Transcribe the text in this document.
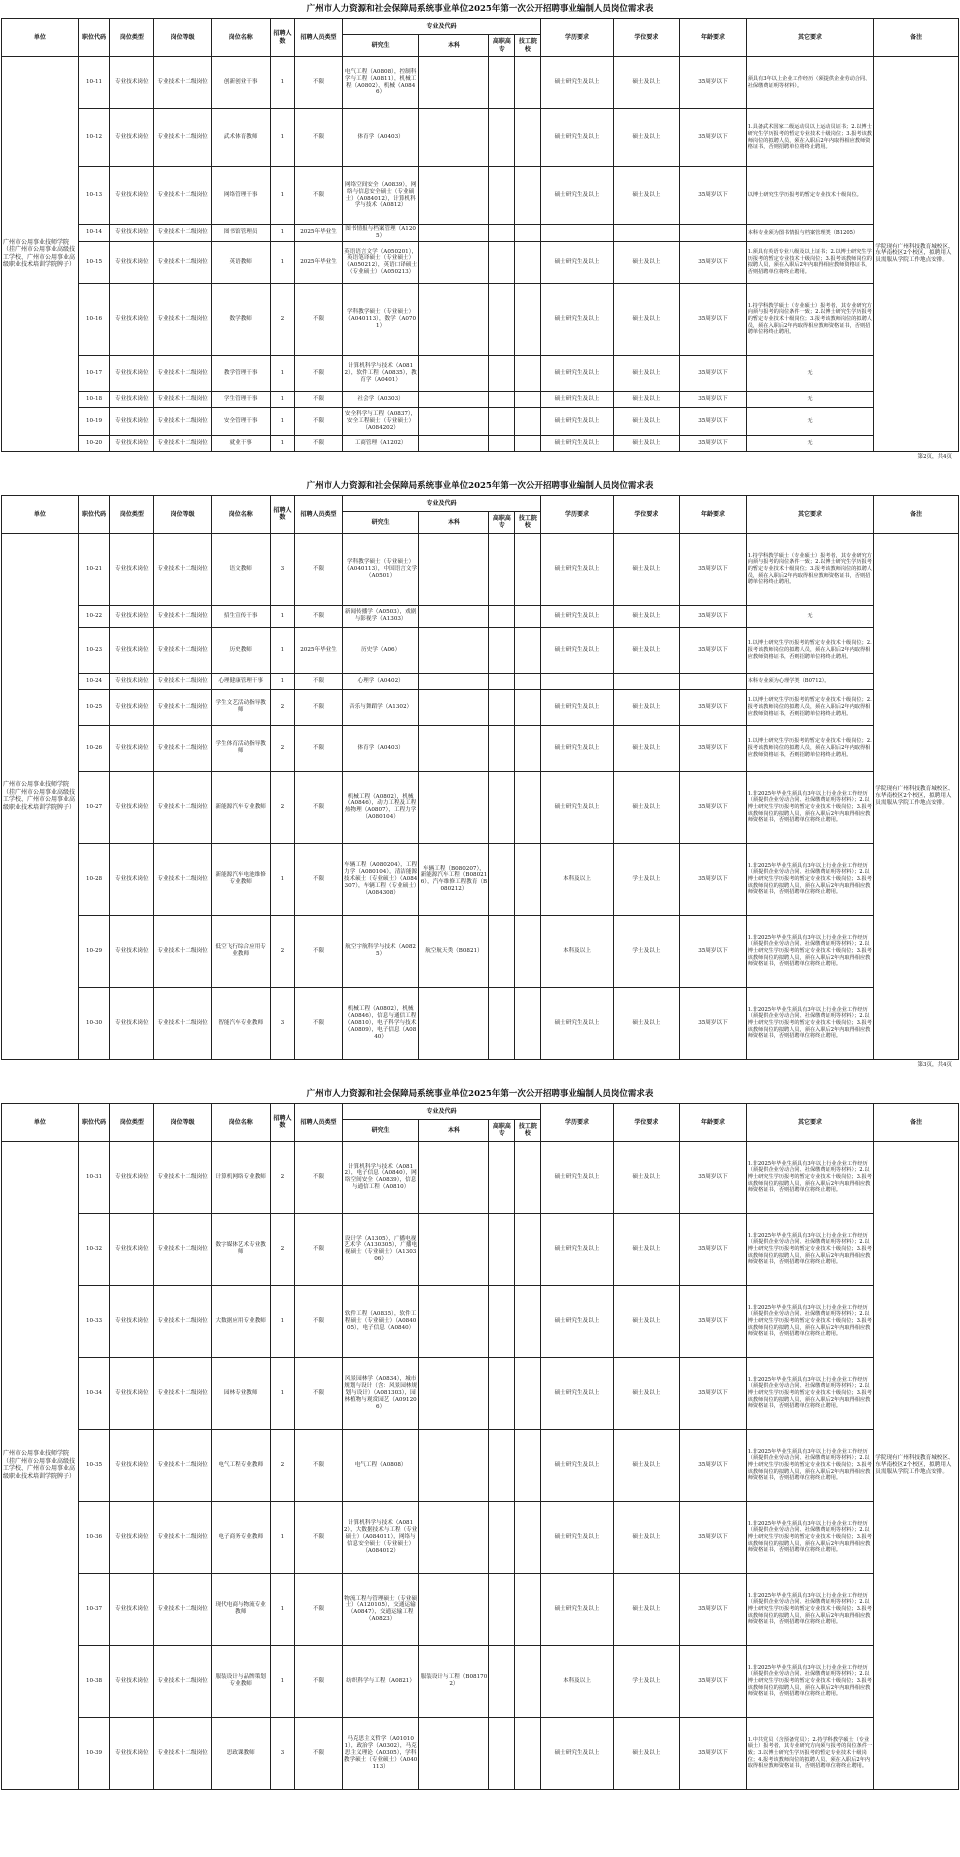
广州市人力资源和社会保障局系统事业单位2025年第一次公开招聘事业编制人员岗位需求表
单位	职位代码	岗位类型	岗位等级	岗位名称	招聘人数	招聘人员类型	专业及代码				学历要求	学位要求	年龄要求	其它要求	备注
							研究生	本科	高职高专	技工院校					
广州市公用事业技师学院（挂广州市公用事业高级技工学校、广州市公用事业高级职业技术培训学院牌子）	10-11	专业技术岗位	专业技术十二级岗位	创新创业干事	1	不限	电气工程（A0808），控制科学与工程（A0811），机械工程（A0802），机械（A0846）				硕士研究生及以上	硕士及以上	35周岁以下	须具有3年以上企业工作经历（须提供企业劳动合同、社保缴费证明等材料）。	学院现有广州科技教育城校区、东华南校区2个校区，拟聘用人员需服从学院工作地点安排。
	10-12	专业技术岗位	专业技术十二级岗位	武术体育教师	1	不限	体育学（A0403）				硕士研究生及以上	硕士及以上	35周岁以下	1.具备武术国家二级运动员以上运动员证书；2.以博士研究生学历报考的暂定专业技术十级岗位；3.报考该教师岗位的拟聘人员，须在入职后2年内取得相应教师资格证书，否则招聘单位将终止聘用。	
	10-13	专业技术岗位	专业技术十二级岗位	网络管理干事	1	不限	网络空间安全（A0839），网络与信息安全硕士（专业硕士）（A084012），计算机科学与技术（A0812）				硕士研究生及以上	硕士及以上	35周岁以下	以博士研究生学历报考的暂定专业技术十级岗位。	
	10-14	专业技术岗位	专业技术十二级岗位	图书馆管理员	1	2025年毕业生	图书情报与档案管理（A1205）							本科专业须为图书情报与档案管理类（B1205）	
	10-15	专业技术岗位	专业技术十二级岗位	英语教师	1	2025年毕业生	英语语言文学（A050201），英语笔译硕士（专业硕士）（A050212），英语口译硕士（专业硕士）（A050213）				硕士研究生及以上	硕士及以上	35周岁以下	1.须具有英语专业八级及以上证书；2.以博士研究生学历报考的暂定专业技术十级岗位；3.报考该教师岗位的拟聘人员，须在入职后2年内取得相应教师资格证书，否则招聘单位将终止聘用。	
	10-16	专业技术岗位	专业技术十二级岗位	数学教师	2	不限	学科教学硕士（专业硕士）（A040113），数学（A0701）				硕士研究生及以上	硕士及以上	35周岁以下	1.持学科教学硕士（专业硕士）报考者，其专业研究方向须与报考的岗位条件一致；2.以博士研究生学历报考的暂定专业技术十级岗位；3.报考该教师岗位的拟聘人员，须在入职后2年内取得相应教师资格证书，否则招聘单位将终止聘用。	
	10-17	专业技术岗位	专业技术十二级岗位	教学管理干事	1	不限	计算机科学与技术（A0812），软件工程（A0835），教育学（A0401）				硕士研究生及以上	硕士及以上	35周岁以下	无	
	10-18	专业技术岗位	专业技术十二级岗位	学生管理干事	1	不限	社会学（A0303）				硕士研究生及以上	硕士及以上	35周岁以下	无	
	10-19	专业技术岗位	专业技术十二级岗位	安全管理干事	1	不限	安全科学与工程（A0837），安全工程硕士（专业硕士）（A084202）				硕士研究生及以上	硕士及以上	35周岁以下	无	
	10-20	专业技术岗位	专业技术十二级岗位	就业干事	1	不限	工商管理（A1202）				硕士研究生及以上	硕士及以上	35周岁以下	无	
第2页，共4页
广州市人力资源和社会保障局系统事业单位2025年第一次公开招聘事业编制人员岗位需求表
单位	职位代码	岗位类型	岗位等级	岗位名称	招聘人数	招聘人员类型	专业及代码				学历要求	学位要求	年龄要求	其它要求	备注
							研究生	本科	高职高专	技工院校					
广州市公用事业技师学院（挂广州市公用事业高级技工学校、广州市公用事业高级职业技术培训学院牌子）	10-21	专业技术岗位	专业技术十二级岗位	语文教师	3	不限	学科教学硕士（专业硕士）（A040113），中国语言文学（A0501）				硕士研究生及以上	硕士及以上	35周岁以下	1.持学科教学硕士（专业硕士）报考者，其专业研究方向须与报考的岗位条件一致；2.以博士研究生学历报考的暂定专业技术十级岗位；3.报考该教师岗位的拟聘人员，须在入职后2年内取得相应教师资格证书，否则招聘单位将终止聘用。	学院现有广州科技教育城校区、东华南校区2个校区，拟聘用人员需服从学院工作地点安排。
	10-22	专业技术岗位	专业技术十二级岗位	招生宣传干事	1	不限	新闻传播学（A0503），戏剧与影视学（A1303）				硕士研究生及以上	硕士及以上	35周岁以下	无	
	10-23	专业技术岗位	专业技术十二级岗位	历史教师	1	2025年毕业生	历史学（A06）				硕士研究生及以上	硕士及以上	35周岁以下	1.以博士研究生学历报考的暂定专业技术十级岗位；2.报考该教师岗位的拟聘人员，须在入职后2年内取得相应教师资格证书，否则招聘单位将终止聘用。	
	10-24	专业技术岗位	专业技术十二级岗位	心理健康管理干事	1	不限	心理学（A0402）							本科专业须为心理学类（B0712）。	
	10-25	专业技术岗位	专业技术十二级岗位	学生文艺活动指导教师	2	不限	音乐与舞蹈学（A1302）				硕士研究生及以上	硕士及以上	35周岁以下	1.以博士研究生学历报考的暂定专业技术十级岗位；2.报考该教师岗位的拟聘人员，须在入职后2年内取得相应教师资格证书，否则招聘单位将终止聘用。	
	10-26	专业技术岗位	专业技术十二级岗位	学生体育活动指导教师	2	不限	体育学（A0403）				硕士研究生及以上	硕士及以上	35周岁以下	1.以博士研究生学历报考的暂定专业技术十级岗位；2.报考该教师岗位的拟聘人员，须在入职后2年内取得相应教师资格证书，否则招聘单位将终止聘用。	
	10-27	专业技术岗位	专业技术十二级岗位	新能源汽车专业教师	2	不限	机械工程（A0802），机械（A0846），动力工程及工程热物理（A0807），工程力学（A080104）				硕士研究生及以上	硕士及以上	35周岁以下	1.非2025年毕业生须具有3年以上行业企业工作经历（须提供企业劳动合同、社保缴费证明等材料）；2.以博士研究生学历报考的暂定专业技术十级岗位；3.报考该教师岗位的拟聘人员，须在入职后2年内取得相应教师资格证书，否则招聘单位将终止聘用。	
	10-28	专业技术岗位	专业技术十二级岗位	新能源汽车电池维修专业教师	1	不限	车辆工程（A080204），工程力学（A080104），清洁能源技术硕士（专业硕士）（A084307），车辆工程（专业硕士）（A084308）	车辆工程（B080207），新能源汽车工程（B080216），汽车维修工程教育（B080212）			本科及以上	学士及以上	35周岁以下	1.非2025年毕业生须具有3年以上行业企业工作经历（须提供企业劳动合同、社保缴费证明等材料）；2.以博士研究生学历报考的暂定专业技术十级岗位；3.报考该教师岗位的拟聘人员，须在入职后2年内取得相应教师资格证书，否则招聘单位将终止聘用。	
	10-29	专业技术岗位	专业技术十二级岗位	低空飞行综合应用专业教师	2	不限	航空宇航科学与技术（A0825）	航空航天类（B0821）			本科及以上	学士及以上	35周岁以下	1.非2025年毕业生须具有3年以上行业企业工作经历（须提供企业劳动合同、社保缴费证明等材料）；2.以博士研究生学历报考的暂定专业技术十级岗位；3.报考该教师岗位的拟聘人员，须在入职后2年内取得相应教师资格证书，否则招聘单位将终止聘用。	
	10-30	专业技术岗位	专业技术十二级岗位	智能汽车专业教师	3	不限	机械工程（A0802），机械（A0846），信息与通信工程（A0810），电子科学与技术（A0809），电子信息（A0840）				硕士研究生及以上	硕士及以上	35周岁以下	1.非2025年毕业生须具有3年以上行业企业工作经历（须提供企业劳动合同、社保缴费证明等材料）；2.以博士研究生学历报考的暂定专业技术十级岗位；3.报考该教师岗位的拟聘人员，须在入职后2年内取得相应教师资格证书，否则招聘单位将终止聘用。	
第3页，共4页
广州市人力资源和社会保障局系统事业单位2025年第一次公开招聘事业编制人员岗位需求表
单位	职位代码	岗位类型	岗位等级	岗位名称	招聘人数	招聘人员类型	专业及代码				学历要求	学位要求	年龄要求	其它要求	备注
							研究生	本科	高职高专	技工院校					
广州市公用事业技师学院（挂广州市公用事业高级技工学校、广州市公用事业高级职业技术培训学院牌子）	10-31	专业技术岗位	专业技术十二级岗位	计算机网络专业教师	2	不限	计算机科学与技术（A0812），电子信息（A0840），网络空间安全（A0839），信息与通信工程（A0810）				硕士研究生及以上	硕士及以上	35周岁以下	1.非2025年毕业生须具有3年以上行业企业工作经历（须提供企业劳动合同、社保缴费证明等材料）；2.以博士研究生学历报考的暂定专业技术十级岗位；3.报考该教师岗位的拟聘人员，须在入职后2年内取得相应教师资格证书，否则招聘单位将终止聘用。	学院现有广州科技教育城校区、东华南校区2个校区，拟聘用人员需服从学院工作地点安排。
	10-32	专业技术岗位	专业技术十二级岗位	数字媒体艺术专业教师	2	不限	设计学（A1305），广播电视艺术学（A130305），广播电视硕士（专业硕士）（A130306）				硕士研究生及以上	硕士及以上	35周岁以下	1.非2025年毕业生须具有3年以上行业企业工作经历（须提供企业劳动合同、社保缴费证明等材料）；2.以博士研究生学历报考的暂定专业技术十级岗位；3.报考该教师岗位的拟聘人员，须在入职后2年内取得相应教师资格证书，否则招聘单位将终止聘用。	
	10-33	专业技术岗位	专业技术十二级岗位	大数据应用专业教师	1	不限	软件工程（A0835），软件工程硕士（专业硕士）（A084005），电子信息（A0840）				硕士研究生及以上	硕士及以上	35周岁以下	1.非2025年毕业生须具有3年以上行业企业工作经历（须提供企业劳动合同、社保缴费证明等材料）；2.以博士研究生学历报考的暂定专业技术十级岗位；3.报考该教师岗位的拟聘人员，须在入职后2年内取得相应教师资格证书，否则招聘单位将终止聘用。	
	10-34	专业技术岗位	专业技术十二级岗位	园林专业教师	1	不限	风景园林学（A0834），城市规划与设计（含：风景园林规划与设计）（A081303），园林植物与观赏园艺（A091206）				硕士研究生及以上	硕士及以上	35周岁以下	1.非2025年毕业生须具有3年以上行业企业工作经历（须提供企业劳动合同、社保缴费证明等材料）；2.以博士研究生学历报考的暂定专业技术十级岗位；3.报考该教师岗位的拟聘人员，须在入职后2年内取得相应教师资格证书，否则招聘单位将终止聘用。	
	10-35	专业技术岗位	专业技术十二级岗位	电气工程专业教师	2	不限	电气工程（A0808）				硕士研究生及以上	硕士及以上	35周岁以下	1.非2025年毕业生须具有3年以上行业企业工作经历（须提供企业劳动合同、社保缴费证明等材料）；2.以博士研究生学历报考的暂定专业技术十级岗位；3.报考该教师岗位的拟聘人员，须在入职后2年内取得相应教师资格证书，否则招聘单位将终止聘用。	
	10-36	专业技术岗位	专业技术十二级岗位	电子商务专业教师	1	不限	计算机科学与技术（A0812），大数据技术与工程（专业硕士）（A084011），网络与信息安全硕士（专业硕士）（A084012）				硕士研究生及以上	硕士及以上	35周岁以下	1.非2025年毕业生须具有3年以上行业企业工作经历（须提供企业劳动合同、社保缴费证明等材料）；2.以博士研究生学历报考的暂定专业技术十级岗位；3.报考该教师岗位的拟聘人员，须在入职后2年内取得相应教师资格证书，否则招聘单位将终止聘用。	
	10-37	专业技术岗位	专业技术十二级岗位	现代电商与物流专业教师	1	不限	物流工程与管理硕士（专业硕士）（A120105），交通运输（A0847），交通运输工程（A0823）				硕士研究生及以上	硕士及以上	35周岁以下	1.非2025年毕业生须具有3年以上行业企业工作经历（须提供企业劳动合同、社保缴费证明等材料）；2.以博士研究生学历报考的暂定专业技术十级岗位；3.报考该教师岗位的拟聘人员，须在入职后2年内取得相应教师资格证书，否则招聘单位将终止聘用。	
	10-38	专业技术岗位	专业技术十二级岗位	服装设计与品牌策划专业教师	1	不限	纺织科学与工程（A0821）	服装设计与工程（B081702）			本科及以上	学士及以上	35周岁以下	1.非2025年毕业生须具有3年以上行业企业工作经历（须提供企业劳动合同、社保缴费证明等材料）；2.以博士研究生学历报考的暂定专业技术十级岗位；3.报考该教师岗位的拟聘人员，须在入职后2年内取得相应教师资格证书，否则招聘单位将终止聘用。	
	10-39	专业技术岗位	专业技术十二级岗位	思政课教师	3	不限	马克思主义哲学（A010101），政治学（A0302），马克思主义理论（A0305），学科教学硕士（专业硕士）（A040113）				硕士研究生及以上	硕士及以上	35周岁以下	1.中共党员（含预备党员）；2.持学科教学硕士（专业硕士）报考者，其专业研究方向须与报考的岗位条件一致；3.以博士研究生学历报考的暂定专业技术十级岗位；4.报考该教师岗位的拟聘人员，须在入职后2年内取得相应教师资格证书，否则招聘单位将终止聘用。	
